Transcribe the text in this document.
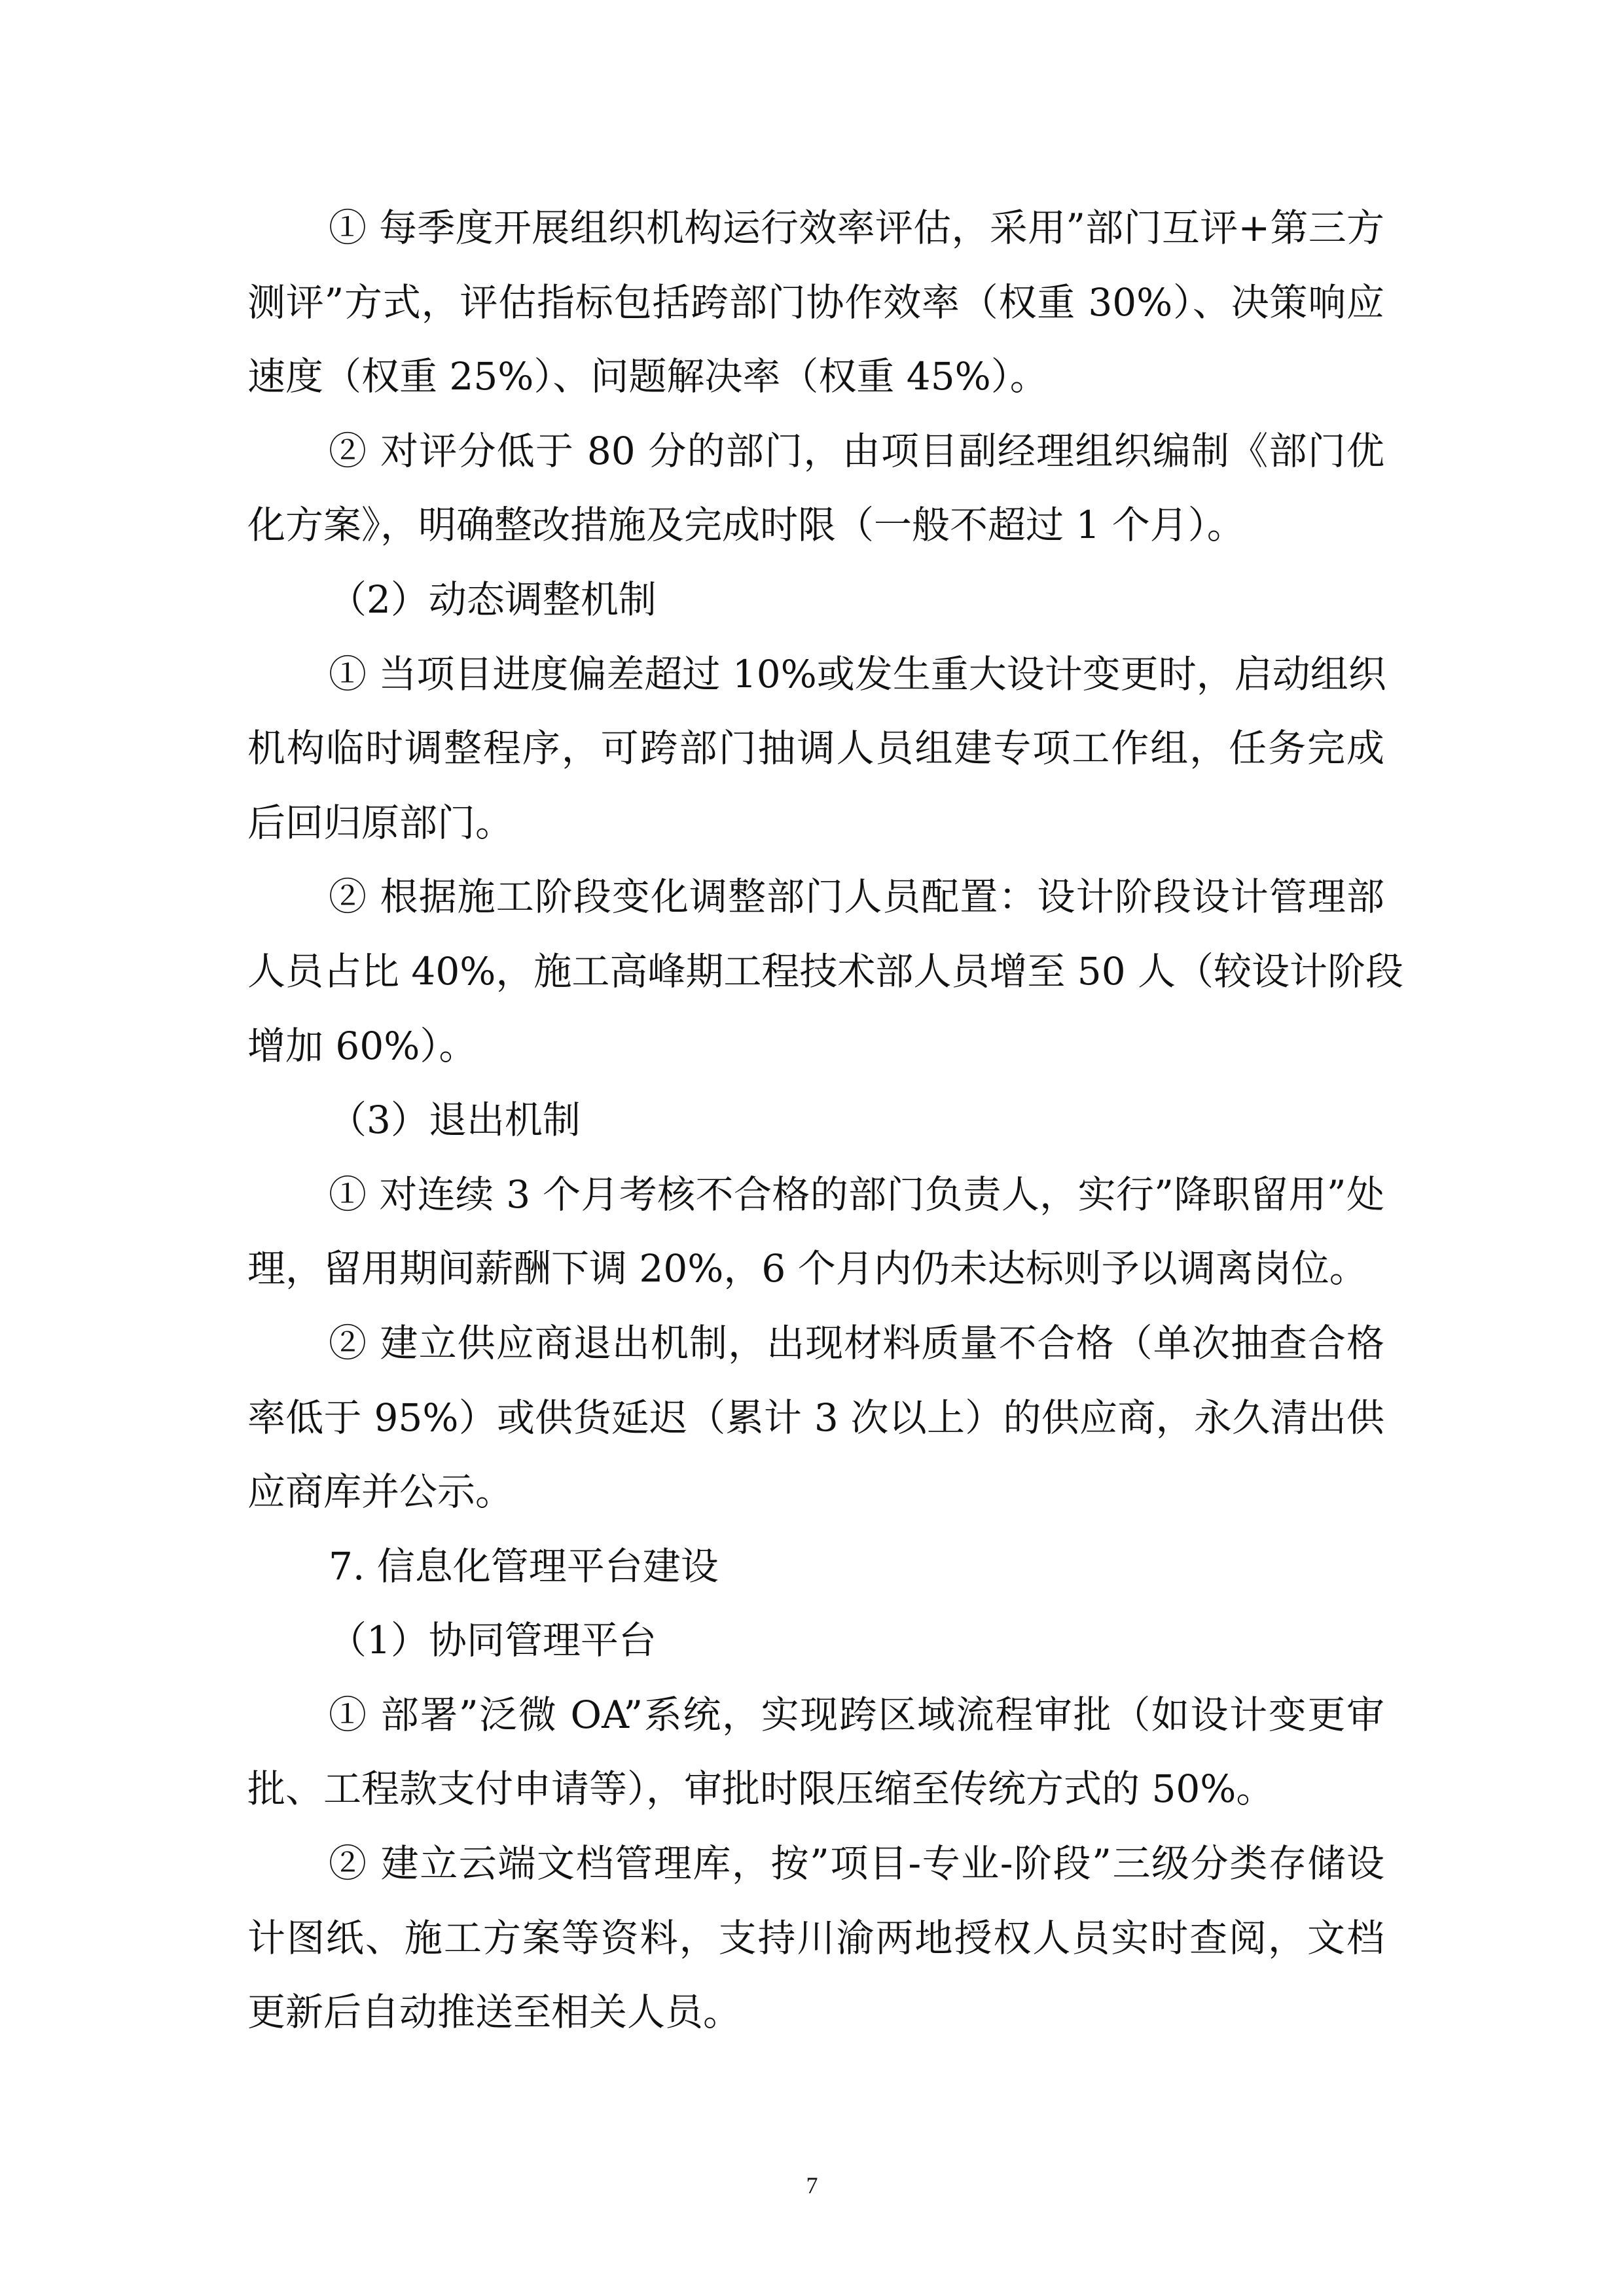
① 每季度开展组织机构运行效率评估，采用”部门互评+第三方
测评”方式，评估指标包括跨部门协作效率（权重 30%）、决策响应
速度（权重 25%）、问题解决率（权重 45%）。
② 对评分低于 80 分的部门，由项目副经理组织编制《部门优
化方案》，明确整改措施及完成时限（一般不超过 1 个月）。
（2）动态调整机制
① 当项目进度偏差超过 10%或发生重大设计变更时，启动组织
机构临时调整程序，可跨部门抽调人员组建专项工作组，任务完成
后回归原部门。
② 根据施工阶段变化调整部门人员配置：设计阶段设计管理部
人员占比 40%，施工高峰期工程技术部人员增至 50 人（较设计阶段
增加 60%）。
（3）退出机制
① 对连续 3 个月考核不合格的部门负责人，实行”降职留用”处
理，留用期间薪酬下调 20%，6 个月内仍未达标则予以调离岗位。
② 建立供应商退出机制，出现材料质量不合格（单次抽查合格
率低于 95%）或供货延迟（累计 3 次以上）的供应商，永久清出供
应商库并公示。
7. 信息化管理平台建设
（1）协同管理平台
① 部署”泛微 OA”系统，实现跨区域流程审批（如设计变更审
批、工程款支付申请等），审批时限压缩至传统方式的 50%。
② 建立云端文档管理库，按”项目-专业-阶段”三级分类存储设
计图纸、施工方案等资料，支持川渝两地授权人员实时查阅，文档
更新后自动推送至相关人员。
7
